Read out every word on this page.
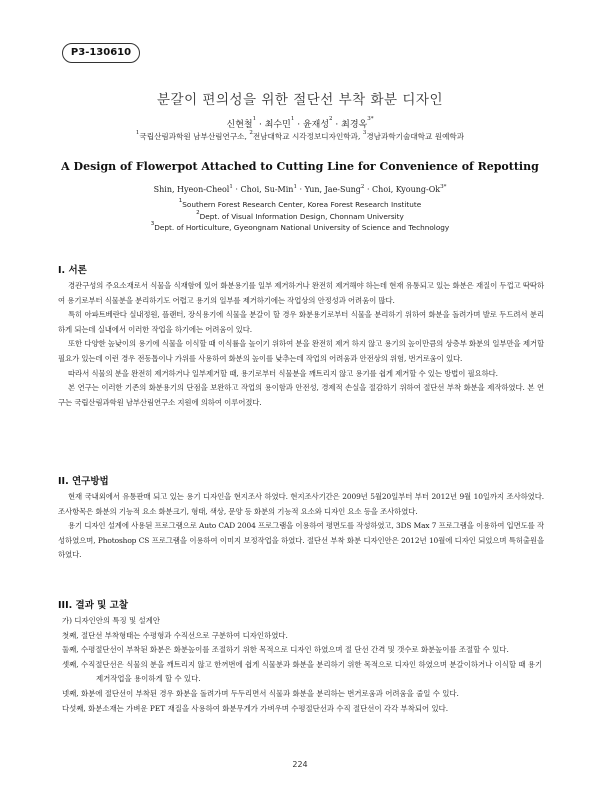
P3-130610
분갈이 편의성을 위한 절단선 부착 화분 디자인
신현철$^1$ · 최수민$^1$ · 윤재성$^2$ · 최경옥$^{3*}$
$^1$국립산림과학원 남부산림연구소, $^2$전남대학교 시각정보디자인학과, $^3$경남과학기술대학교 원예학과
A Design of Flowerpot Attached to Cutting Line for Convenience of Repotting
Shin, Hyeon-Cheol$^1$ · Choi, Su-Min$^1$ · Yun, Jae-Sung$^2$ · Choi, Kyoung-$Ok^{3*}$
$^1$Southern Forest Research Center, Korea Forest Research Institute
$^2$Dept. of Visual Information Design, Chonnam University
$^3$Dept. of Horticulture, Gyeongnam National University of Science and Technology
I. 서론

경관구성의 주요소재로서 식물을 식재함에 있어 화분용기를 일부 제거하거나 완전히 제거해야 하는데 현재 유통되고 있는 화분은 재질이 두껍고 딱딱하여 용기로부터 식물분을 분리하기도 어렵고 용기의 일부를 제거하기에는 작업상의 안정성과 어려움이 많다.

특히 아파트베란다 실내정원, 플랜터, 장식용기에 식물을 분갈이 할 경우 화분용기로부터 식물을 분리하기 위하여 화분을 돌려가며 발로 두드려서 분리하게 되는데 실내에서 이러한 작업을 하기에는 어려움이 있다.

또한 다양한 높낮이의 용기에 식물을 이식할 때 이식률을 높이기 위하여 분을 완전히 제거 하지 않고 용기의 높이만큼의 상층부 화분의 일부만을 제거할 필요가 있는데 이런 경우 전동톱이나 가위를 사용하여 화분의 높이를 낮추는데 작업의 어려움과 안전상의 위험, 번거로움이 있다.

따라서 식물의 분을 완전히 제거하거나 일부제거할 때, 용기로부터 식물분을 깨트리지 않고 용기를 쉽게 제거할 수 있는 방법이 필요하다.

본 연구는 이러한 기존의 화분용기의 단점을 보완하고 작업의 용이함과 안전성, 경제적 손실을 절감하기 위하여 절단선 부착 화분을 제작하였다. 본 연구는 국립산림과학원 남부산림연구소 지원에 의하여 이루어졌다.

II. 연구방법

현재 국내외에서 유통판매 되고 있는 용기 디자인을 현지조사 하였다. 현지조사기간은 2009년 5월20일부터 부터 2012년 9월 10일까지 조사하였다. 조사항목은 화분의 기능적 요소 화분크기, 형태, 색상, 문양 등 화분의 기능적 요소와 디자인 요소 등을 조사하였다.

용기 디자인 설계에 사용된 프로그램으로 Auto CAD 2004 프로그램을 이용하여 평면도를 작성하였고, 3DS Max 7 프로그램을 이용하여 입면도를 작성하였으며, Photoshop CS 프로그램을 이용하여 이미지 보정작업을 하였다. 절단선 부착 화분 디자인안은 2012년 10월에 디자인 되었으며 특허출원을 하였다.

III. 결과 및 고찰

가) 디자인안의 특징 및 설계안

첫째, 절단선 부착형태는 수평형과 수직선으로 구분하여 디자인하였다.

둘째, 수평절단선이 부착된 화분은 화분높이를 조절하기 위한 목적으로 디자인 하였으며 절 단선 간격 및 갯수로 화분높이를 조절할 수 있다.

셋째, 수직절단선은 식물의 분을 깨트리지 않고 한꺼번에 쉽게 식물분과 화분을 분리하기 위한 목적으로 디자인 하였으며 분갈이하거나 이식할 때 용기 제거작업을 용이하게 할 수 있다.

넷째, 화분에 절단선이 부착된 경우 화분을 돌려가며 두두리면서 식물과 화분을 분리하는 번거로움과 어려움을 줄일 수 있다.

다섯째, 화분소재는 가벼운 PET 재질을 사용하여 화분무게가 가벼우며 수평절단선과 수직 절단선이 각각 부착되어 있다.

224
